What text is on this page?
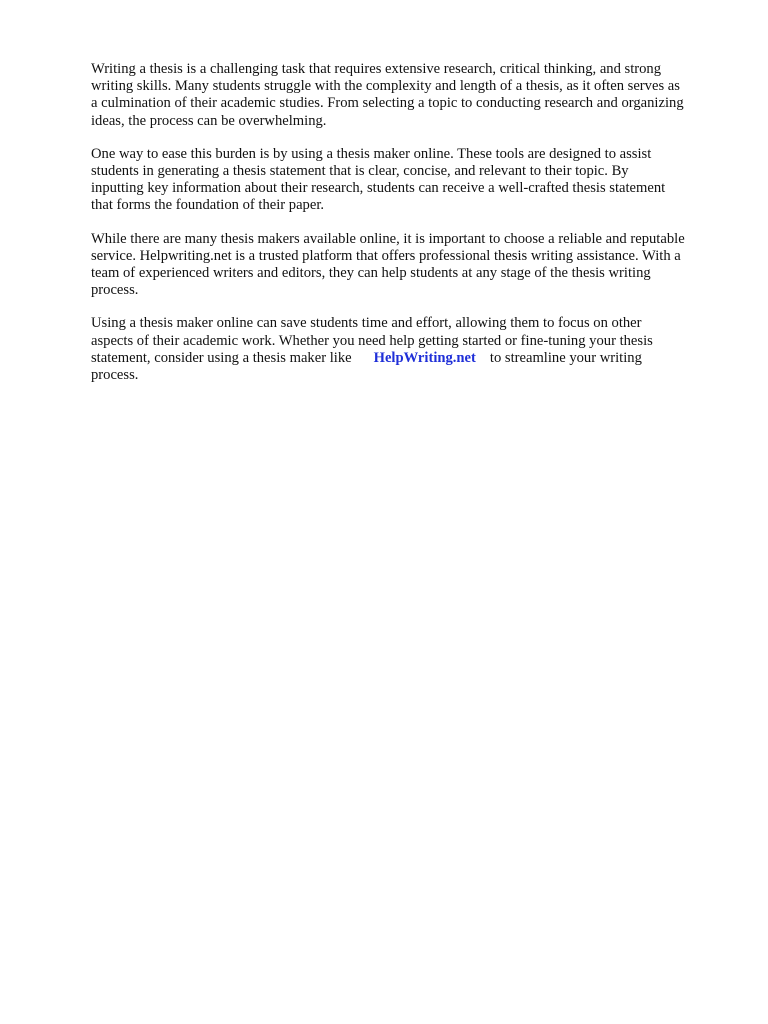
Writing a thesis is a challenging task that requires extensive research, critical thinking, and strong
writing skills. Many students struggle with the complexity and length of a thesis, as it often serves as
a culmination of their academic studies. From selecting a topic to conducting research and organizing
ideas, the process can be overwhelming.

One way to ease this burden is by using a thesis maker online. These tools are designed to assist
students in generating a thesis statement that is clear, concise, and relevant to their topic. By
inputting key information about their research, students can receive a well-crafted thesis statement
that forms the foundation of their paper.

While there are many thesis makers available online, it is important to choose a reliable and reputable
service. Helpwriting.net is a trusted platform that offers professional thesis writing assistance. With a
team of experienced writers and editors, they can help students at any stage of the thesis writing
process.

Using a thesis maker online can save students time and effort, allowing them to focus on other
aspects of their academic work. Whether you need help getting started or fine-tuning your thesis
statement, consider using a thesis maker like HelpWriting.net to streamline your writing
process.
